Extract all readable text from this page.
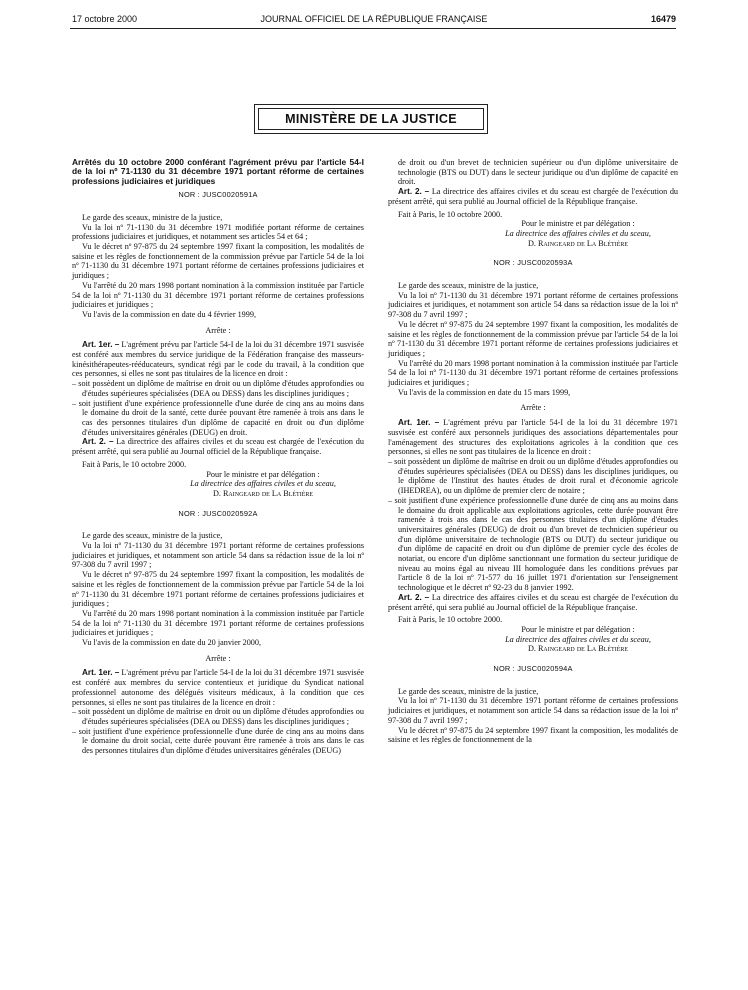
17 octobre 2000	JOURNAL OFFICIEL DE LA RÉPUBLIQUE FRANÇAISE	16479
MINISTÈRE DE LA JUSTICE

Arrêtés du 10 octobre 2000 conférant l'agrément prévu par l'article 54-I de la loi nº 71-1130 du 31 décembre 1971 portant réforme de certaines professions judiciaires et juridiques

NOR : JUSC0020591A

Le garde des sceaux, ministre de la justice,

Vu la loi nº 71-1130 du 31 décembre 1971 modifiée portant réforme de certaines professions judiciaires et juridiques, et notamment ses articles 54 et 64 ;

Vu le décret nº 97-875 du 24 septembre 1997 fixant la composition, les modalités de saisine et les règles de fonctionnement de la commission prévue par l'article 54 de la loi nº 71-1130 du 31 décembre 1971 portant réforme de certaines professions judiciaires et juridiques ;

Vu l'arrêté du 20 mars 1998 portant nomination à la commission instituée par l'article 54 de la loi nº 71-1130 du 31 décembre 1971 portant réforme de certaines professions judiciaires et juridiques ;

Vu l'avis de la commission en date du 4 février 1999,

Arrête :

Art. 1er. – L'agrément prévu par l'article 54-I de la loi du 31 décembre 1971 susvisée est conféré aux membres du service juridique de la Fédération française des masseurs-kinésithérapeutes-rééducateurs, syndicat régi par le code du travail, à la condition que ces personnes, si elles ne sont pas titulaires de la licence en droit :

– soit possèdent un diplôme de maîtrise en droit ou un diplôme d'études approfondies ou d'études supérieures spécialisées (DEA ou DESS) dans les disciplines juridiques ;

– soit justifient d'une expérience professionnelle d'une durée de cinq ans au moins dans le domaine du droit de la santé, cette durée pouvant être ramenée à trois ans dans le cas des personnes titulaires d'un diplôme de capacité en droit ou d'un diplôme d'études universitaires générales (DEUG) en droit.

Art. 2. – La directrice des affaires civiles et du sceau est chargée de l'exécution du présent arrêté, qui sera publié au Journal officiel de la République française.

Fait à Paris, le 10 octobre 2000.

Pour le ministre et par délégation :

La directrice des affaires civiles et du sceau,

D. Raingeard de La Blétière

NOR : JUSC0020592A

Le garde des sceaux, ministre de la justice,

Vu la loi nº 71-1130 du 31 décembre 1971 portant réforme de certaines professions judiciaires et juridiques, et notamment son article 54 dans sa rédaction issue de la loi nº 97-308 du 7 avril 1997 ;

Vu le décret nº 97-875 du 24 septembre 1997 fixant la composition, les modalités de saisine et les règles de fonctionnement de la commission prévue par l'article 54 de la loi nº 71-1130 du 31 décembre 1971 portant réforme de certaines professions judiciaires et juridiques ;

Vu l'arrêté du 20 mars 1998 portant nomination à la commission instituée par l'article 54 de la loi nº 71-1130 du 31 décembre 1971 portant réforme de certaines professions judiciaires et juridiques ;

Vu l'avis de la commission en date du 20 janvier 2000,

Arrête :

Art. 1er. – L'agrément prévu par l'article 54-I de la loi du 31 décembre 1971 susvisée est conféré aux membres du service contentieux et juridique du Syndicat national professionnel autonome des délégués visiteurs médicaux, à la condition que ces personnes, si elles ne sont pas titulaires de la licence en droit :

– soit possèdent un diplôme de maîtrise en droit ou un diplôme d'études approfondies ou d'études supérieures spécialisées (DEA ou DESS) dans les disciplines juridiques ;

– soit justifient d'une expérience professionnelle d'une durée de cinq ans au moins dans le domaine du droit social, cette durée pouvant être ramenée à trois ans dans le cas des personnes titulaires d'un diplôme d'études universitaires générales (DEUG)

de droit ou d'un brevet de technicien supérieur ou d'un diplôme universitaire de technologie (BTS ou DUT) dans le secteur juridique ou d'un diplôme de capacité en droit.

Art. 2. – La directrice des affaires civiles et du sceau est chargée de l'exécution du présent arrêté, qui sera publié au Journal officiel de la République française.

Fait à Paris, le 10 octobre 2000.

Pour le ministre et par délégation :

La directrice des affaires civiles et du sceau,

D. Raingeard de La Blétière

NOR : JUSC0020593A

Le garde des sceaux, ministre de la justice,

Vu la loi nº 71-1130 du 31 décembre 1971 portant réforme de certaines professions judiciaires et juridiques, et notamment son article 54 dans sa rédaction issue de la loi nº 97-308 du 7 avril 1997 ;

Vu le décret nº 97-875 du 24 septembre 1997 fixant la composition, les modalités de saisine et les règles de fonctionnement de la commission prévue par l'article 54 de la loi nº 71-1130 du 31 décembre 1971 portant réforme de certaines professions judiciaires et juridiques ;

Vu l'arrêté du 20 mars 1998 portant nomination à la commission instituée par l'article 54 de la loi nº 71-1130 du 31 décembre 1971 portant réforme de certaines professions judiciaires et juridiques ;

Vu l'avis de la commission en date du 15 mars 1999,

Arrête :

Art. 1er. – L'agrément prévu par l'article 54-I de la loi du 31 décembre 1971 susvisée est conféré aux personnels juridiques des associations départementales pour l'aménagement des structures des exploitations agricoles à la condition que ces personnes, si elles ne sont pas titulaires de la licence en droit :

– soit possèdent un diplôme de maîtrise en droit ou un diplôme d'études approfondies ou d'études supérieures spécialisées (DEA ou DESS) dans les disciplines juridiques, ou le diplôme de l'Institut des hautes études de droit rural et d'économie agricole (IHEDREA), ou un diplôme de premier clerc de notaire ;

– soit justifient d'une expérience professionnelle d'une durée de cinq ans au moins dans le domaine du droit applicable aux exploitations agricoles, cette durée pouvant être ramenée à trois ans dans le cas des personnes titulaires d'un diplôme d'études universitaires générales (DEUG) de droit ou d'un brevet de technicien supérieur ou d'un diplôme universitaire de technologie (BTS ou DUT) du secteur juridique ou d'un diplôme de capacité en droit ou d'un diplôme de premier cycle des écoles de notariat, ou encore d'un diplôme sanctionnant une formation du secteur juridique de niveau au moins égal au niveau III homologuée dans les conditions prévues par l'article 8 de la loi nº 71-577 du 16 juillet 1971 d'orientation sur l'enseignement technologique et le décret nº 92-23 du 8 janvier 1992.

Art. 2. – La directrice des affaires civiles et du sceau est chargée de l'exécution du présent arrêté, qui sera publié au Journal officiel de la République française.

Fait à Paris, le 10 octobre 2000.

Pour le ministre et par délégation :

La directrice des affaires civiles et du sceau,

D. Raingeard de La Blétière

NOR : JUSC0020594A

Le garde des sceaux, ministre de la justice,

Vu la loi nº 71-1130 du 31 décembre 1971 portant réforme de certaines professions judiciaires et juridiques, et notamment son article 54 dans sa rédaction issue de la loi nº 97-308 du 7 avril 1997 ;

Vu le décret nº 97-875 du 24 septembre 1997 fixant la composition, les modalités de saisine et les règles de fonctionnement de la
